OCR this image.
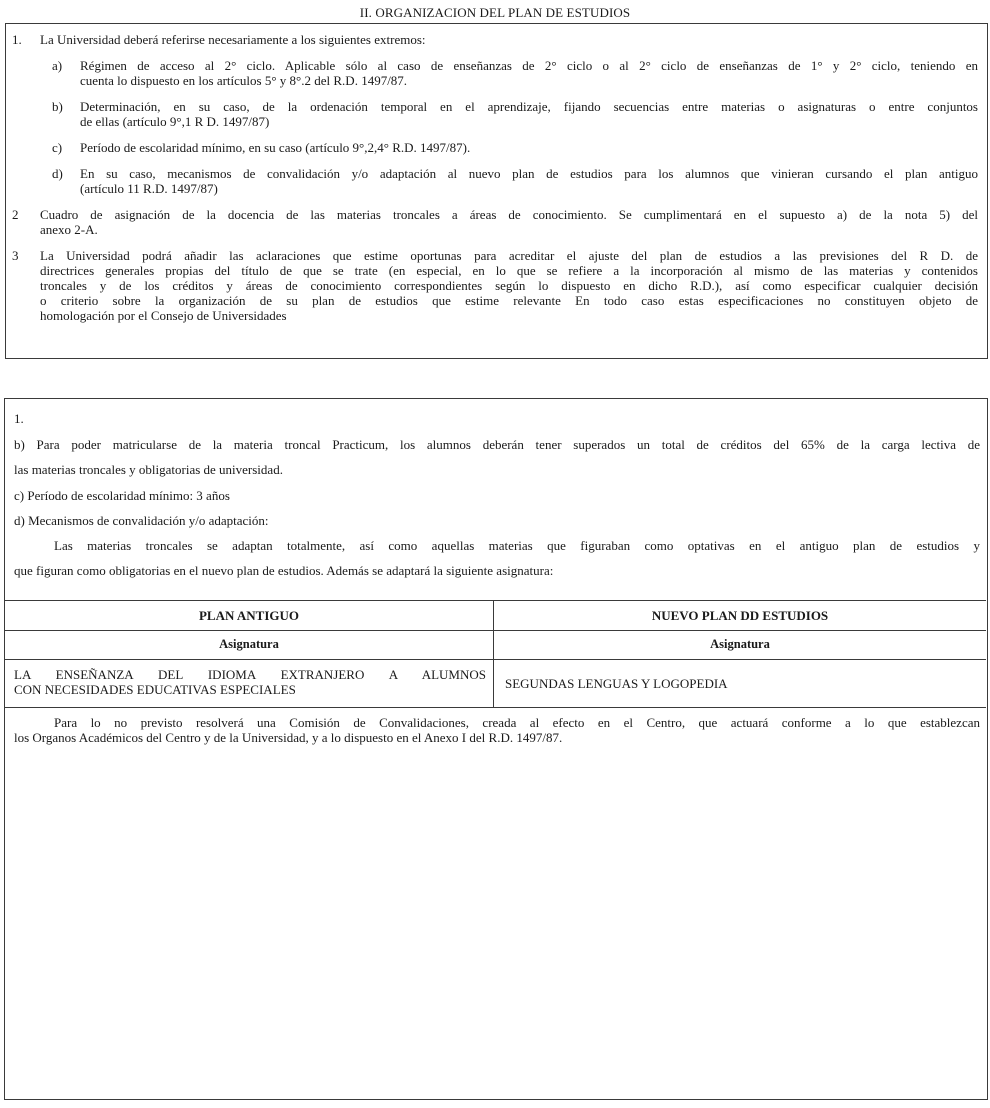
II. ORGANIZACION DEL PLAN DE ESTUDIOS
1. La Universidad deberá referirse necesariamente a los siguientes extremos:
a) Régimen de acceso al 2° ciclo. Aplicable sólo al caso de enseñanzas de 2° ciclo o al 2° ciclo de enseñanzas de 1° y 2° ciclo, teniendo en
cuenta lo dispuesto en los artículos 5° y 8°.2 del R.D. 1497/87.
b) Determinación, en su caso, de la ordenación temporal en el aprendizaje, fijando secuencias entre materias o asignaturas o entre conjuntos
de ellas (artículo 9°,1 R D. 1497/87)
c) Período de escolaridad mínimo, en su caso (artículo 9°,2,4° R.D. 1497/87).
d) En su caso, mecanismos de convalidación y/o adaptación al nuevo plan de estudios para los alumnos que vinieran cursando el plan antiguo
(artículo 11 R.D. 1497/87)
2 Cuadro de asignación de la docencia de las materias troncales a áreas de conocimiento. Se cumplimentará en el supuesto a) de la nota 5) del
anexo 2-A.
3 La Universidad podrá añadir las aclaraciones que estime oportunas para acreditar el ajuste del plan de estudios a las previsiones del R D. de
directrices generales propias del título de que se trate (en especial, en lo que se refiere a la incorporación al mismo de las materias y contenidos
troncales y de los créditos y áreas de conocimiento correspondientes según lo dispuesto en dicho R.D.), así como especificar cualquier decisión
o criterio sobre la organización de su plan de estudios que estime relevante En todo caso estas especificaciones no constituyen objeto de
homologación por el Consejo de Universidades
1.
b) Para poder matricularse de la materia troncal Practicum, los alumnos deberán tener superados un total de créditos del 65% de la carga lectiva de
las materias troncales y obligatorias de universidad.
c) Período de escolaridad mínimo: 3 años
d) Mecanismos de convalidación y/o adaptación:
Las materias troncales se adaptan totalmente, así como aquellas materias que figuraban como optativas en el antiguo plan de estudios y
que figuran como obligatorias en el nuevo plan de estudios. Además se adaptará la siguiente asignatura:
PLAN ANTIGUO	NUEVO PLAN DD ESTUDIOS
Asignatura	Asignatura
LA ENSEÑANZA DEL IDIOMA EXTRANJERO A ALUMNOS
CON NECESIDADES EDUCATIVAS ESPECIALES	SEGUNDAS LENGUAS Y LOGOPEDIA
Para lo no previsto resolverá una Comisión de Convalidaciones, creada al efecto en el Centro, que actuará conforme a lo que establezcan
los Organos Académicos del Centro y de la Universidad, y a lo dispuesto en el Anexo I del R.D. 1497/87.
